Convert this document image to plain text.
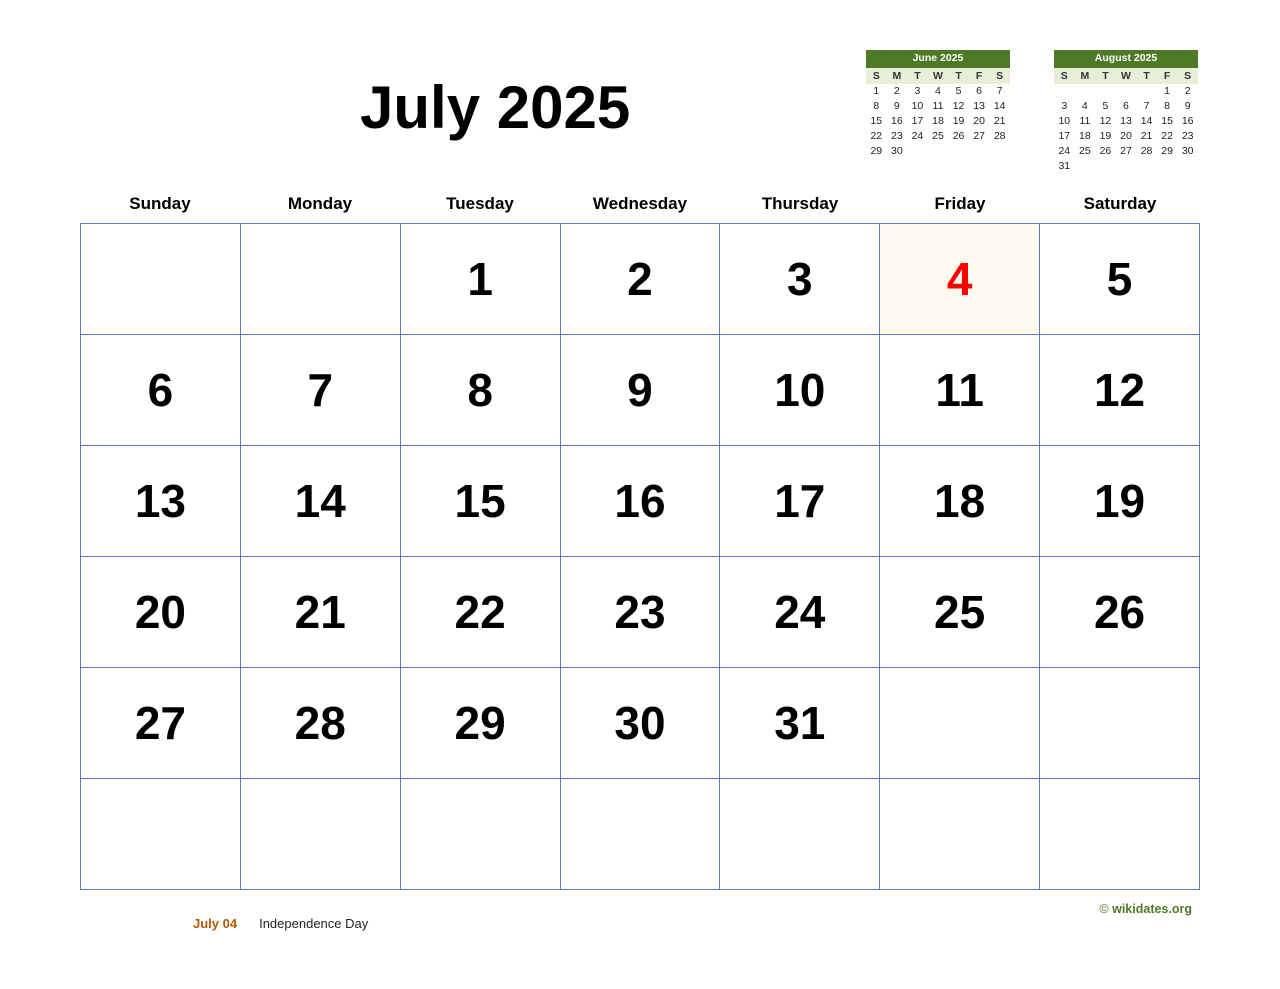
July 2025
June 2025
S	M	T	W	T	F	S
1	2	3	4	5	6	7
8	9	10	11	12	13	14
15	16	17	18	19	20	21
22	23	24	25	26	27	28
29	30					
August 2025
S	M	T	W	T	F	S
					1	2
3	4	5	6	7	8	9
10	11	12	13	14	15	16
17	18	19	20	21	22	23
24	25	26	27	28	29	30
31						
Sunday	Monday	Tuesday	Wednesday	Thursday	Friday	Saturday

		1	2	3	4	5

6	7	8	9	10	11	12

13	14	15	16	17	18	19

20	21	22	23	24	25	26

27	28	29	30	31		

July 04 Independence Day
© wikidates.org
